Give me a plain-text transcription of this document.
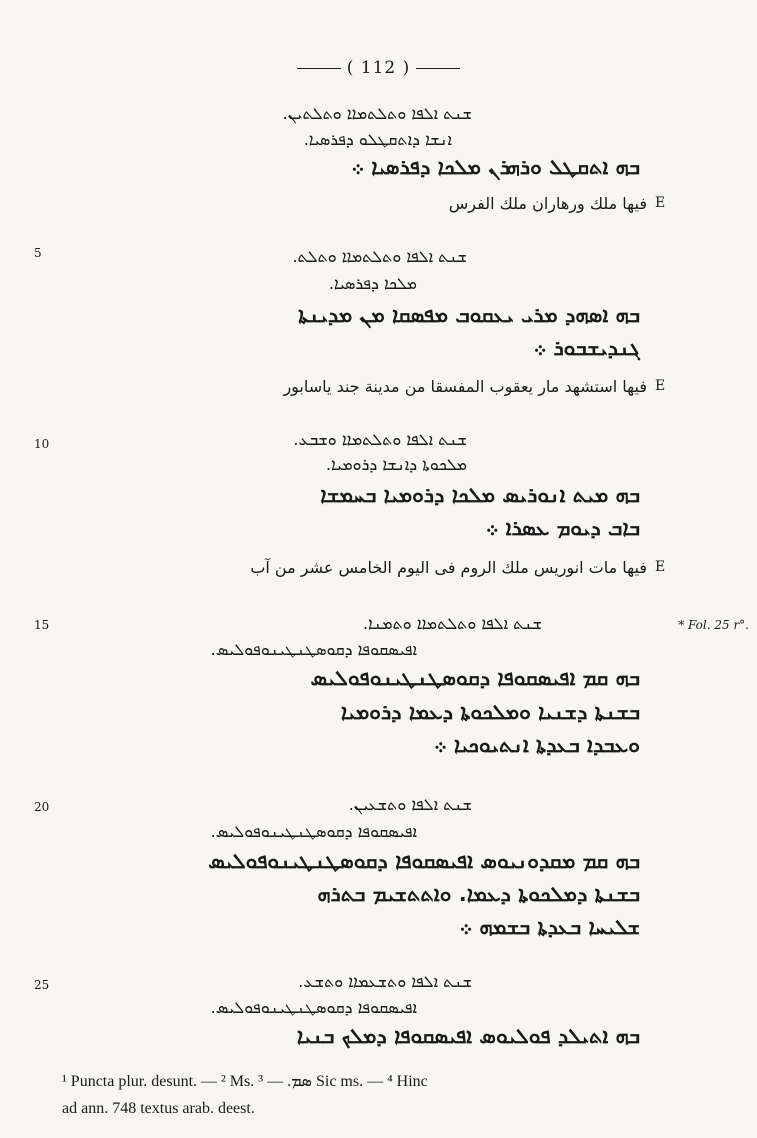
( 112 )
5
10
15
20
25
* Fol. 25 r°.
ܫܢܬ ܐܠܦܐ ܘܬܠܬܡܐܐ ܘܬܠܬܝܢ.
ܐܢܫܐ ܕܐܬܩܛܠܘ ܕܦܪܣܝܐ.
ܒܗ ܐܬܩܛܠ ܘܪܗܪܢ ܡܠܟܐ ܕܦܪܣܝܐ ܀
E
فيها ملك ورهاران ملك الفرس
ܫܢܬ ܐܠܦܐ ܘܬܠܬܡܐܐ ܘܬܠܬ.
ܡܠܟܐ ܕܦܪܣܝܐ.
ܒܗ ܐܣܗܕ ܡܪܝ ܝܥܩܘܒ ܡܦܣܩܐ ܡܢ ܡܕܝܢܬܐ
ܓܢܕܝܫܒܘܪ ܀
E
فيها استشهد مار يعقوب المفسقا من مدينة جند ياسابور
ܫܢܬ ܐܠܦܐ ܘܬܠܬܡܐܐ ܘܫܒܥ.
ܡܠܟܘܬܐ ܕܐܢܫܐ ܕܪܘܡܝܐ.
ܒܗ ܡܝܬ ܐܢܘܪܝܣ ܡܠܟܐ ܕܪܘܡܝܐ ܒܚܡܫܐ
ܒܐܒ ܕܝܘܡ ܥܣܪܐ ܀
E
فيها مات انوريس ملك الروم فى اليوم الخامس عشر من آب
ܫܢܬ ܐܠܦܐ ܘܬܠܬܡܐܐ ܘܬܡܢܐ.
ܐܦܝܣܩܘܦܐ ܕܩܘܣܛܢܛܝܢܘܦܘܠܝܣ.
ܒܗ ܩܡ ܐܦܝܣܩܘܦܐ ܕܩܘܣܛܢܛܝܢܘܦܘܠܝܣ
ܒܫܢܬܐ ܕܫܢܝܐ ܘܡܠܟܘܬܐ ܕܥܡܐ ܕܪܘܡܝܐ
ܘܥܒܕܐ ܒܥܕܬܐ ܐܢܬܝܘܟܝܐ ܀
ܫܢܬ ܐܠܦܐ ܘܬܫܥܝܢ.
ܐܦܝܣܩܘܦܐ ܕܩܘܣܛܢܛܝܢܘܦܘܠܝܣ.
ܒܗ ܩܡ ܡܩܕܘܢܝܘܣ ܐܦܝܣܩܘܦܐ ܕܩܘܣܛܢܛܝܢܘܦܘܠܝܣ
ܒܫܢܬܐ ܕܡܠܟܘܬܐ ܕܥܡܐ. ܘܐܬܬܫܝܡ ܒܬܪܗ
ܫܠܝܚܐ ܒܥܕܬܐ ܒܫܡܗ ܀
ܫܢܬ ܐܠܦܐ ܘܬܫܥܡܐܐ ܘܬܫܥ.
ܐܦܝܣܩܘܦܐ ܕܩܘܣܛܢܛܝܢܘܦܘܠܝܣ.
ܒܗ ܐܬܝܠܕ ܦܘܠܝܘܣ ܐܦܝܣܩܘܦܐ ܕܡܠܟ ܒܢܝܐ
¹ Puncta plur. desunt. — ² Ms. ܣܡ. — ³ Sic ms. — ⁴ Hinc
ad ann. 748 textus arab. deest.
